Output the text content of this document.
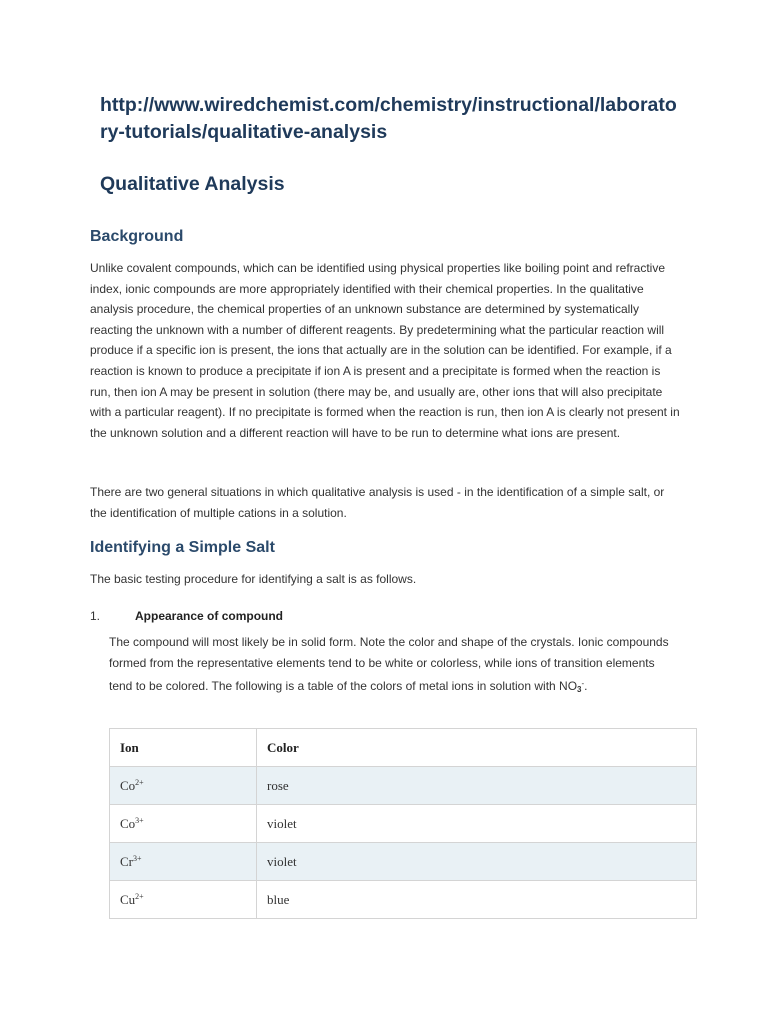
http://www.wiredchemist.com/chemistry/instructional/laboratory-tutorials/qualitative-analysis
Qualitative Analysis
Background

Unlike covalent compounds, which can be identified using physical properties like boiling point and refractive index, ionic compounds are more appropriately identified with their chemical properties. In the qualitative analysis procedure, the chemical properties of an unknown substance are determined by systematically reacting the unknown with a number of different reagents. By predetermining what the particular reaction will produce if a specific ion is present, the ions that actually are in the solution can be identified. For example, if a reaction is known to produce a precipitate if ion A is present and a precipitate is formed when the reaction is run, then ion A may be present in solution (there may be, and usually are, other ions that will also precipitate with a particular reagent). If no precipitate is formed when the reaction is run, then ion A is clearly not present in the unknown solution and a different reaction will have to be run to determine what ions are present.

There are two general situations in which qualitative analysis is used - in the identification of a simple salt, or the identification of multiple cations in a solution.

Identifying a Simple Salt

The basic testing procedure for identifying a salt is as follows.

1.	Appearance of compound

The compound will most likely be in solid form. Note the color and shape of the crystals. Ionic compounds formed from the representative elements tend to be white or colorless, while ions of transition elements tend to be colored. The following is a table of the colors of metal ions in solution with $NO_3^-$.

Ion	Color
$Co^{2+}$	rose
$Co^{3+}$	violet
$Cr^{3+}$	violet
$Cu^{2+}$	blue
